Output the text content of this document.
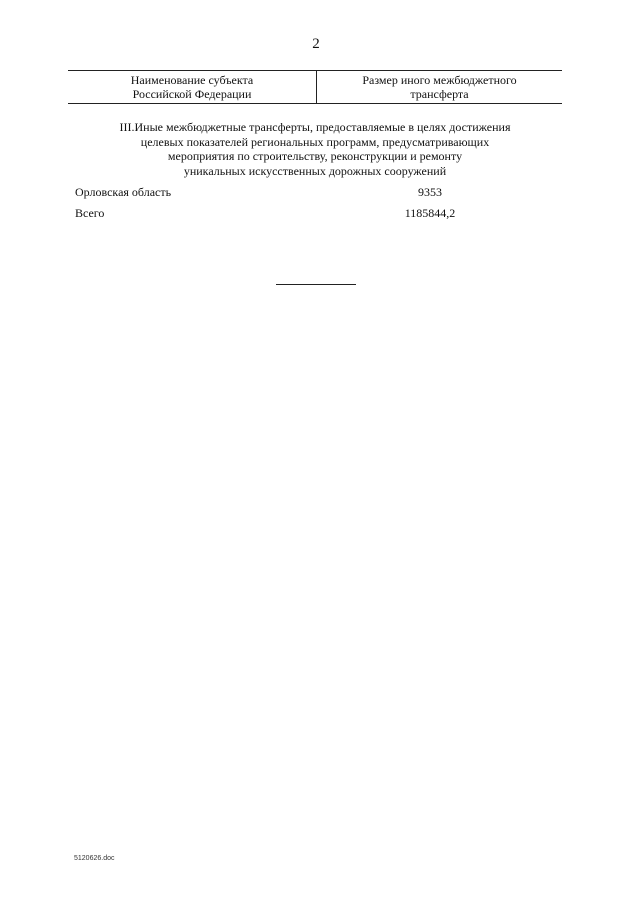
2
Наименование субъекта
Российской Федерации
Размер иного межбюджетного
трансферта
III.Иные межбюджетные трансферты, предоставляемые в целях достижения
целевых показателей региональных программ, предусматривающих
мероприятия по строительству, реконструкции и ремонту
уникальных искусственных дорожных сооружений
Орловская область	9353
Всего	1185844,2
5120626.doc
